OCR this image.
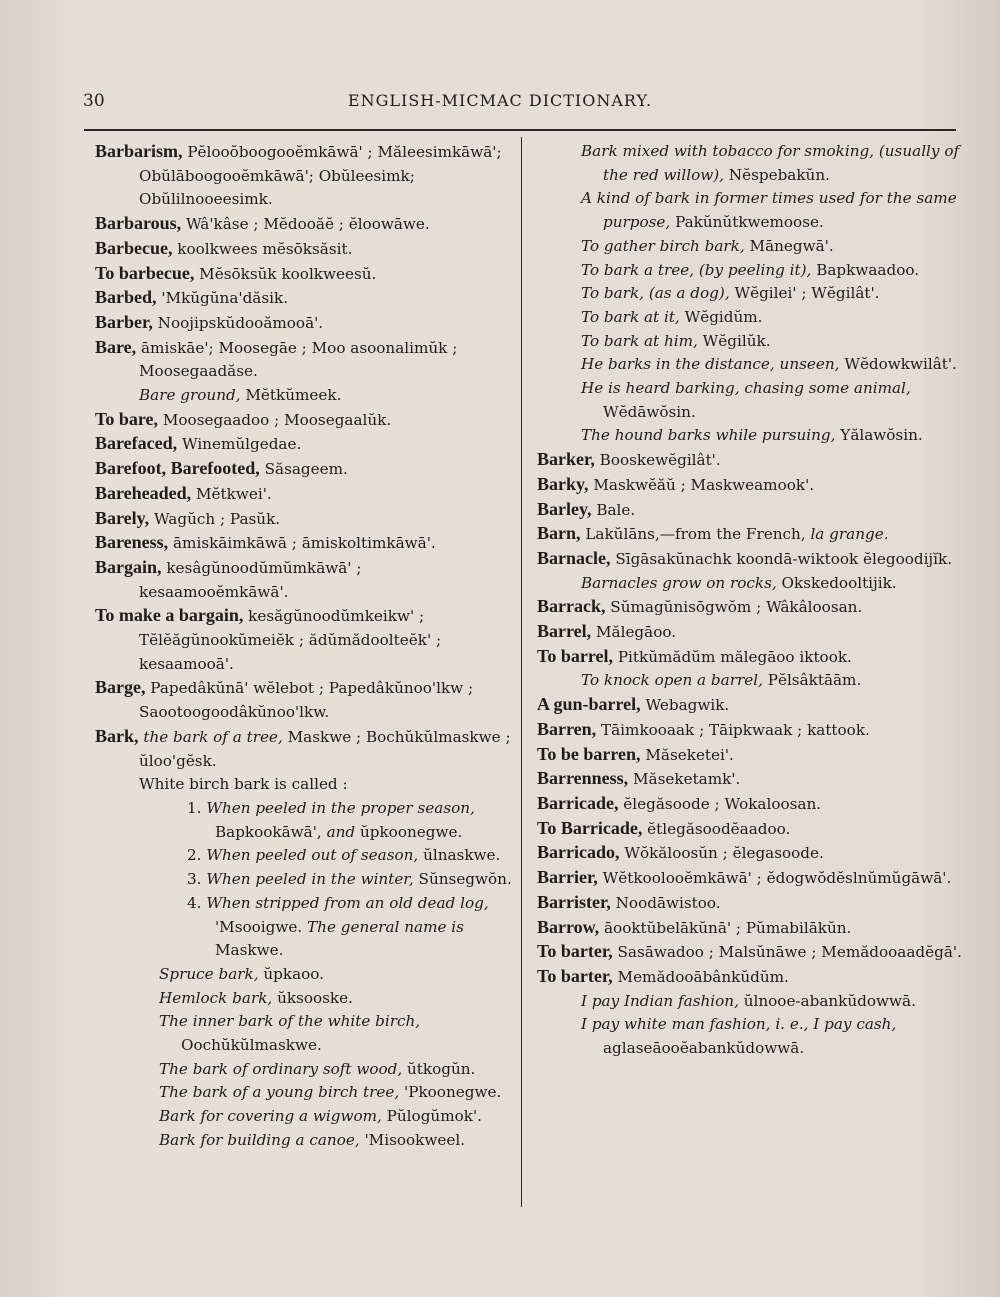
30	ENGLISH-MICMAC DICTIONARY.
Barbarism, Pĕlooŏboogooĕmkāwā' ; Măleesimkāwā'; Obŭlāboogooĕmkāwā'; Obŭleesimk; Obŭlilnooeesimk.
Barbarous, Wâ'kâse ; Mĕdooăĕ ; ĕloowāwe.
Barbecue, koolkwees mĕsōksăsit.
To barbecue, Mĕsōksŭk koolkweesŭ.
Barbed, 'Mkŭgŭna'dăsik.
Barber, Noojipskŭdooămooā'.
Bare, āmiskāe'; Moosegāe ; Moo asoonalimŭk ; Moosegaadăse.
Bare ground, Mĕtkŭmeek.
To bare, Moosegaadoo ; Moosegaalŭk.
Barefaced, Winemŭlgedae.
Barefoot, Barefooted, Săsageem.
Bareheaded, Mĕtkwei'.
Barely, Wagŭch ; Pasŭk.
Bareness, āmiskāimkāwā ; āmiskoltimkāwā'.
Bargain, kesâgŭnoodŭmŭmkāwā' ; kesaamooĕmkāwā'.
To make a bargain, kesăgŭnoodŭmkeikw' ; Tĕlĕăgŭnookŭmeiĕk ; ădŭmădoolteĕk' ; kesaamooā'.
Barge, Papedâkŭnā' wĕlebot ; Papedâkŭnoo'lkw ; Saootoogoodâkŭnoo'lkw.
Bark, the bark of a tree, Maskwe ; Bochŭkŭlmaskwe ; ŭloo'gĕsk.
White birch bark is called :
1. When peeled in the proper season, Bapkookāwā', and ŭpkoonegwe.
2. When peeled out of season, ŭlnaskwe.
3. When peeled in the winter, Sŭnsegwŏn.
4. When stripped from an old dead log, 'Msooigwe. The general name is Maskwe.
Spruce bark, ŭpkaoo.
Hemlock bark, ŭksooske.
The inner bark of the white birch, Oochŭkŭlmaskwe.
The bark of ordinary soft wood, ŭtkogŭn.
The bark of a young birch tree, 'Pkoonegwe.
Bark for covering a wigwom, Pŭlogŭmok'.
Bark for building a canoe, 'Misookweel.
Bark mixed with tobacco for smoking, (usually of the red willow), Nĕspebakŭn.
A kind of bark in former times used for the same purpose, Pakŭnŭtkwemoose.
To gather birch bark, Mānegwā'.
To bark a tree, (by peeling it), Bapkwaadoo.
To bark, (as a dog), Wĕgilei' ; Wĕgilât'.
To bark at it, Wĕgidŭm.
To bark at him, Wĕgilŭk.
He barks in the distance, unseen, Wĕdowkwilât'.
He is heard barking, chasing some animal, Wĕdāwŏsin.
The hound barks while pursuing, Yălawŏsin.
Barker, Booskewĕgilât'.
Barky, Maskwĕăŭ ; Maskweamook'.
Barley, Bale.
Barn, Lakŭlāns,—from the French, la grange.
Barnacle, Sīgāsakŭnachk koondā-wiktook ĕlegoodijĭk.
Barnacles grow on rocks, Okskedooltijik.
Barrack, Sŭmagŭnisōgwŏm ; Wâkâloosan.
Barrel, Mălegāoo.
To barrel, Pitkŭmădŭm mălegāoo iktook.
To knock open a barrel, Pĕlsâktāām.
A gun-barrel, Webagwik.
Barren, Tāimkooaak ; Tāipkwaak ; kattook.
To be barren, Măseketei'.
Barrenness, Măseketamk'.
Barricade, ĕlegăsoode ; Wokaloosan.
To Barricade, ĕtlegăsoodĕaadoo.
Barricado, Wŏkăloosŭn ; ĕlegasoode.
Barrier, Wĕtkoolooĕmkāwā' ; ĕdogwŏdĕslnŭmŭgāwā'.
Barrister, Noodāwistoo.
Barrow, āooktŭbelākŭnā' ; Pŭmabilākŭn.
To barter, Sasāwadoo ; Malsŭnāwe ; Memădooaadĕgā'.
To barter, Memădooābânkŭdŭm.
I pay Indian fashion, ŭlnooe-abankŭdowwā.
I pay white man fashion, i. e., I pay cash, aglaseāooĕabankŭdowwā.
